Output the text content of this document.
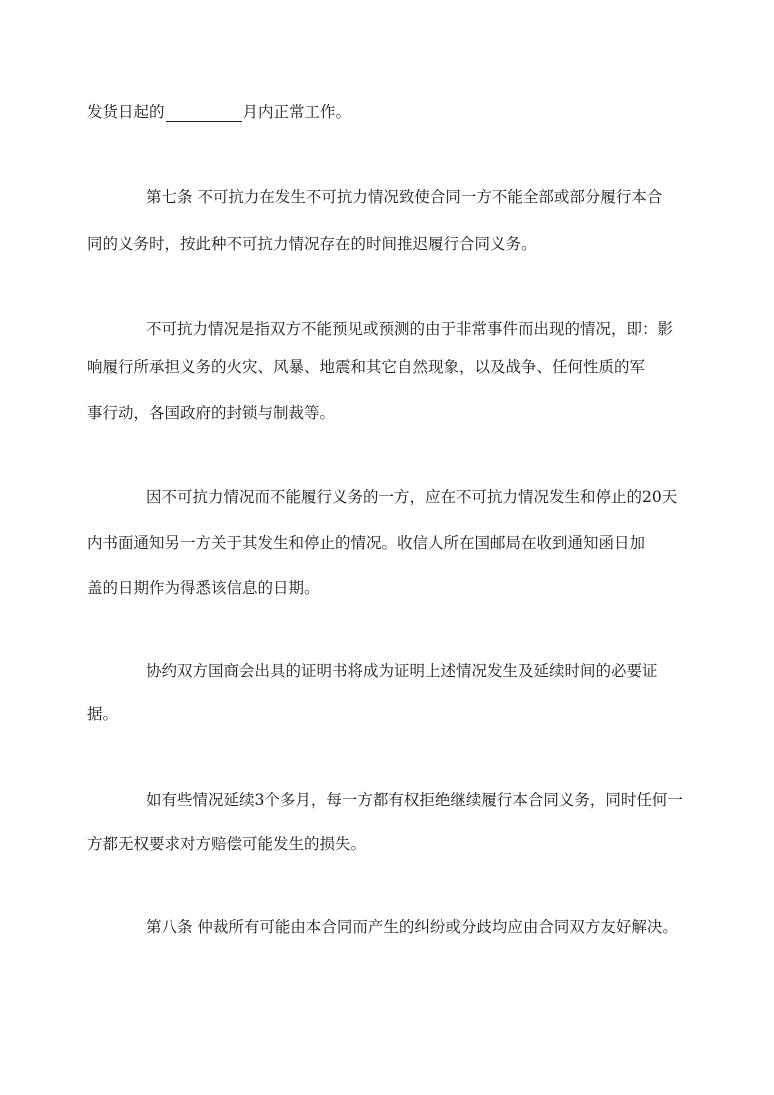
发货日起的	月内正常工作。
第七条 不可抗力在发生不可抗力情况致使合同一方不能全部或部分履行本合
同的义务时，按此种不可抗力情况存在的时间推迟履行合同义务。
不可抗力情况是指双方不能预见或预测的由于非常事件而出现的情况，即：影
响履行所承担义务的火灾、风暴、地震和其它自然现象，以及战争、任何性质的军
事行动，各国政府的封锁与制裁等。
因不可抗力情况而不能履行义务的一方，应在不可抗力情况发生和停止的20天
内书面通知另一方关于其发生和停止的情况。收信人所在国邮局在收到通知函日加
盖的日期作为得悉该信息的日期。
协约双方国商会出具的证明书将成为证明上述情况发生及延续时间的必要证
据。
如有些情况延续3个多月，每一方都有权拒绝继续履行本合同义务，同时任何一
方都无权要求对方赔偿可能发生的损失。
第八条 仲裁所有可能由本合同而产生的纠纷或分歧均应由合同双方友好解决。
